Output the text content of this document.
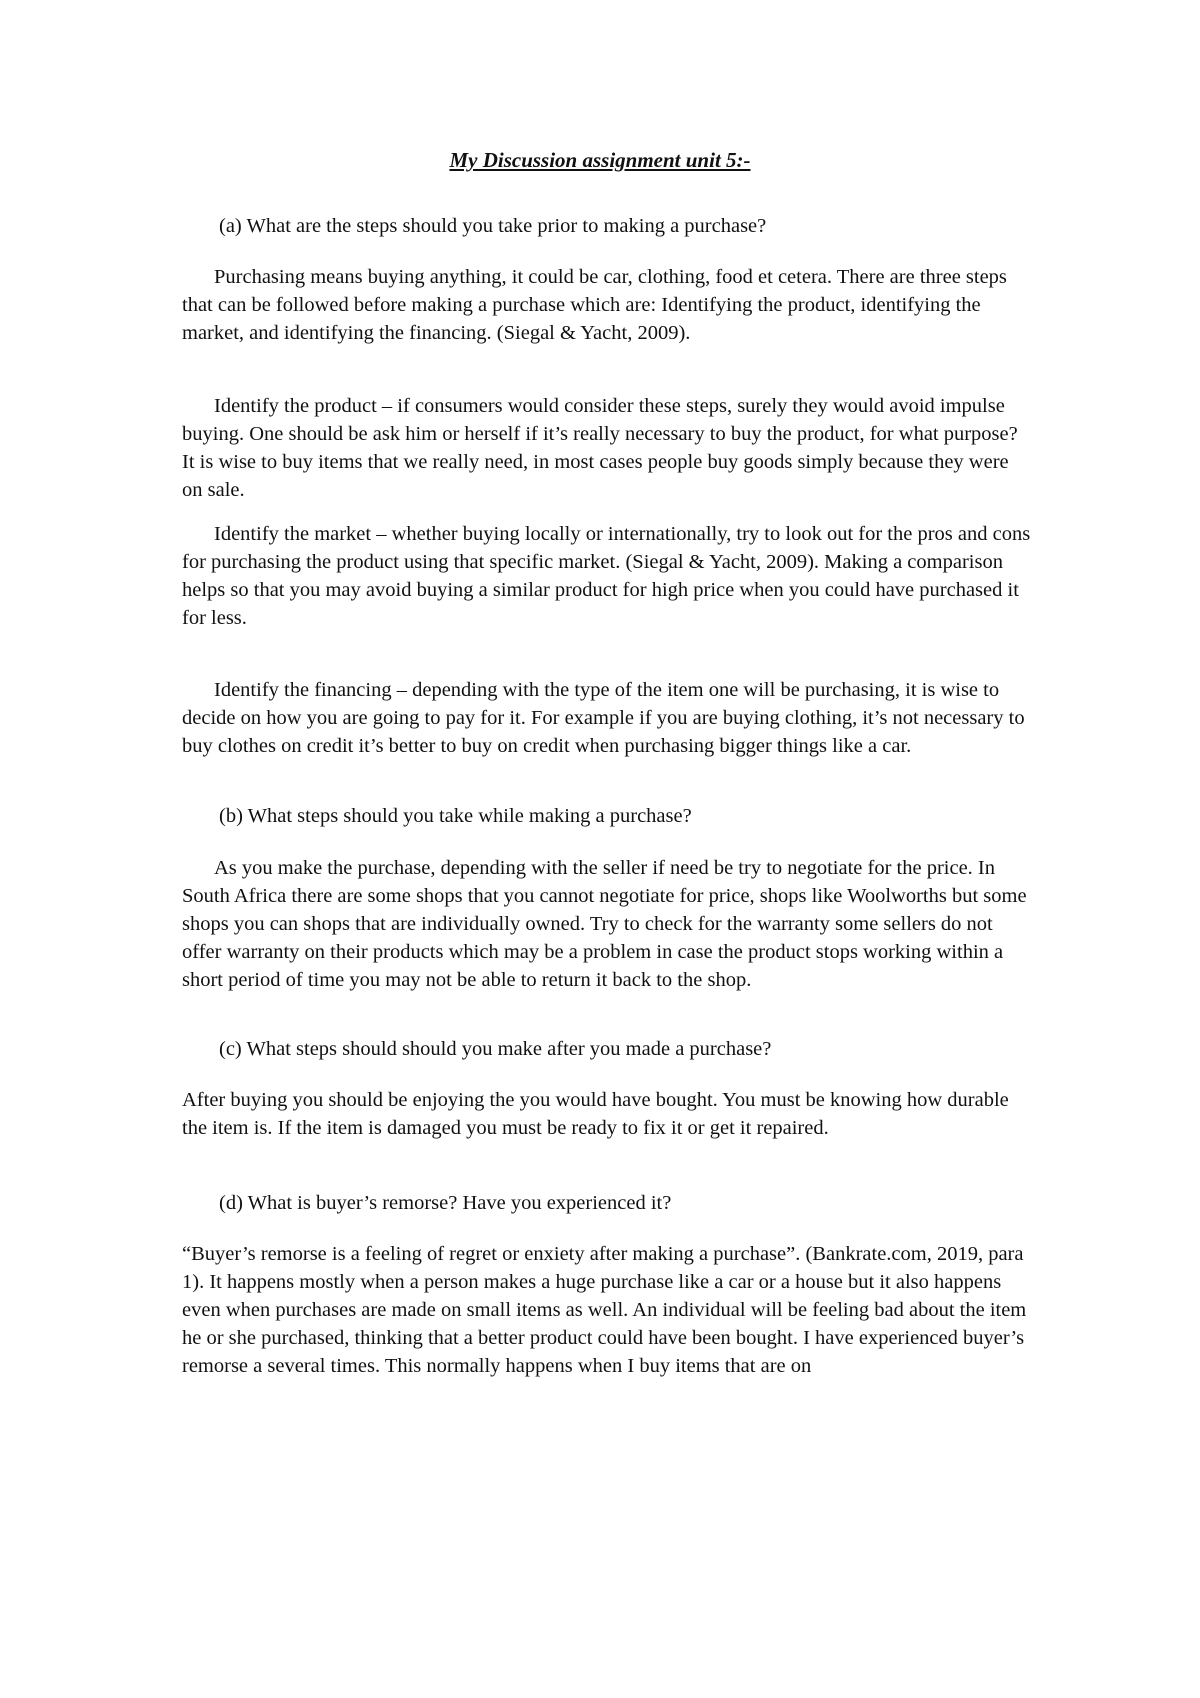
My Discussion assignment unit 5:-

(a) What are the steps should you take prior to making a purchase?

Purchasing means buying anything, it could be car, clothing, food et cetera. There are three steps that can be followed before making a purchase which are: Identifying the product, identifying the market, and identifying the financing. (Siegal & Yacht, 2009).

Identify the product – if consumers would consider these steps, surely they would avoid impulse buying. One should be ask him or herself if it’s really necessary to buy the product, for what purpose? It is wise to buy items that we really need, in most cases people buy goods simply because they were on sale.

Identify the market – whether buying locally or internationally, try to look out for the pros and cons for purchasing the product using that specific market. (Siegal & Yacht, 2009). Making a comparison helps so that you may avoid buying a similar product for high price when you could have purchased it for less.

Identify the financing – depending with the type of the item one will be purchasing, it is wise to decide on how you are going to pay for it. For example if you are buying clothing, it’s not necessary to buy clothes on credit it’s better to buy on credit when purchasing bigger things like a car.

(b) What steps should you take while making a purchase?

As you make the purchase, depending with the seller if need be try to negotiate for the price. In South Africa there are some shops that you cannot negotiate for price, shops like Woolworths but some shops you can shops that are individually owned. Try to check for the warranty some sellers do not offer warranty on their products which may be a problem in case the product stops working within a short period of time you may not be able to return it back to the shop.

(c) What steps should should you make after you made a purchase?

After buying you should be enjoying the you would have bought. You must be knowing how durable the item is. If the item is damaged you must be ready to fix it or get it repaired.

(d) What is buyer’s remorse? Have you experienced it?

“Buyer’s remorse is a feeling of regret or enxiety after making a purchase”. (Bankrate.com, 2019, para 1). It happens mostly when a person makes a huge purchase like a car or a house but it also happens even when purchases are made on small items as well. An individual will be feeling bad about the item he or she purchased, thinking that a better product could have been bought. I have experienced buyer’s remorse a several times. This normally happens when I buy items that are on
